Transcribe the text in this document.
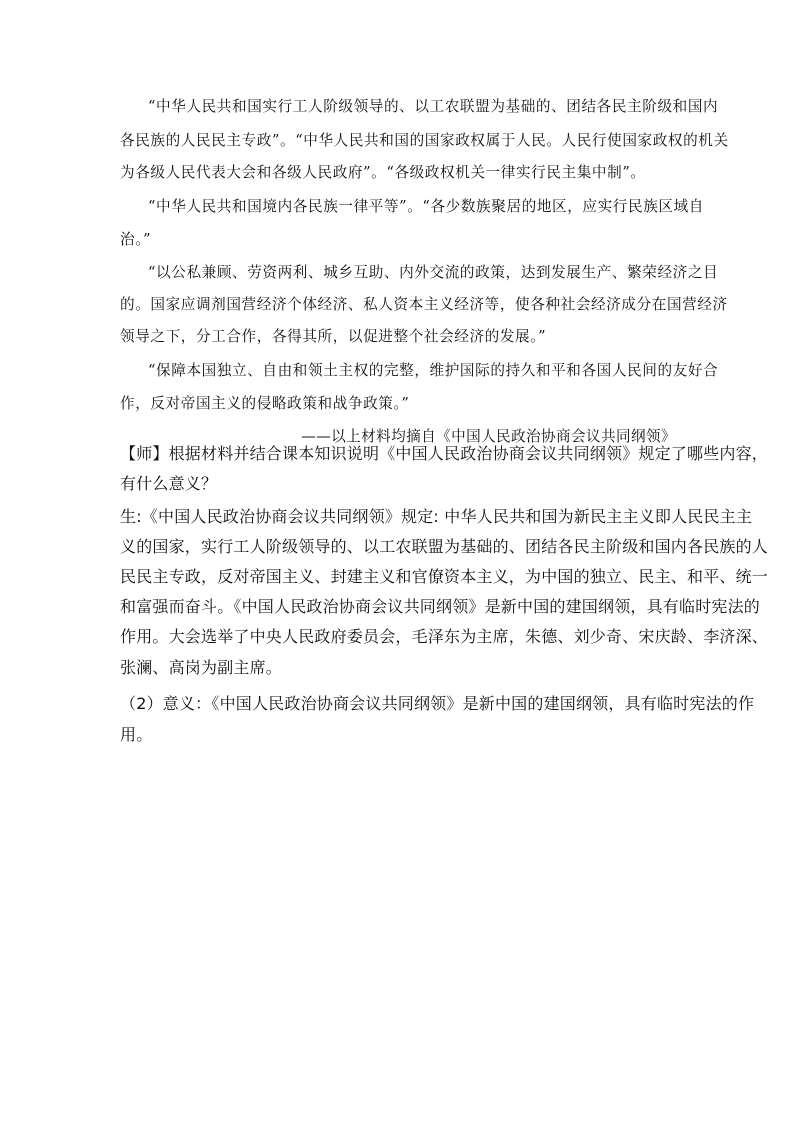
“中华人民共和国实行工人阶级领导的、以工农联盟为基础的、团结各民主阶级和国内
各民族的人民民主专政”。“中华人民共和国的国家政权属于人民。人民行使国家政权的机关
为各级人民代表大会和各级人民政府”。“各级政权机关一律实行民主集中制”。
“中华人民共和国境内各民族一律平等”。“各少数族聚居的地区，应实行民族区域自
治。”
“以公私兼顾、劳资两利、城乡互助、内外交流的政策，达到发展生产、繁荣经济之目
的。国家应调剂国营经济个体经济、私人资本主义经济等，使各种社会经济成分在国营经济
领导之下，分工合作，各得其所，以促进整个社会经济的发展。”
“保障本国独立、自由和领土主权的完整，维护国际的持久和平和各国人民间的友好合
作，反对帝国主义的侵略政策和战争政策。”
——以上材料均摘自《中国人民政治协商会议共同纲领》
【师】根据材料并结合课本知识说明《中国人民政治协商会议共同纲领》规定了哪些内容，
有什么意义？
生:《中国人民政治协商会议共同纲领》规定: 中华人民共和国为新民主主义即人民民主主
义的国家，实行工人阶级领导的、以工农联盟为基础的、团结各民主阶级和国内各民族的人
民民主专政，反对帝国主义、封建主义和官僚资本主义，为中国的独立、民主、和平、统一
和富强而奋斗。《中国人民政治协商会议共同纲领》是新中国的建国纲领，具有临时宪法的
作用。大会选举了中央人民政府委员会，毛泽东为主席，朱德、刘少奇、宋庆龄、李济深、
张澜、高岗为副主席。
（2）意义：《中国人民政治协商会议共同纲领》是新中国的建国纲领，具有临时宪法的作
用。
